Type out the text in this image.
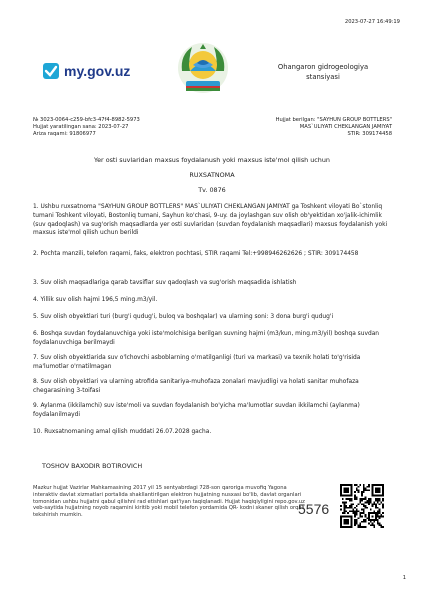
2023-07-27 16:49:19
my.gov.uz	Ohangaron gidrogeologiya
stansiyasi
№ 3023-0064-c259-bfc3-47f4-8982-5973
Hujjat yaratilingan sana: 2023-07-27
Ariza raqami: 91806977
Hujjat berilgan: "SAYHUN GROUP BOTTLERS"
MAS`ULIYATI CHEKLANGAN JAMIYAT
STIR: 309174458
Yer osti suvlaridan maxsus foydalanush yoki maxsus iste'mol qilish uchun
RUXSATNOMA
Tv. 0876
1. Ushbu ruxsatnoma "SAYHUN GROUP BOTTLERS" MAS`ULIYATI CHEKLANGAN JAMIYAT ga Toshkent viloyati Bo`stonliq tumani Toshkent viloyati, Bostonliq tumani, Sayhun ko'chasi, 9-uy. da joylashgan suv olish ob'yektidan xo'jalik-ichimlik (suv qadoqlash) va sug'orish maqsadlarda yer osti suvlaridan (suvdan foydalanish maqsadlari) maxsus foydalanish yoki maxsus iste'mol qilish uchun berildi
2. Pochta manzili, telefon raqami, faks, elektron pochtasi, STIR raqami Tel:+998946262626 ; STIR: 309174458
3. Suv olish maqsadlariga qarab tavsiflar suv qadoqlash va sug'orish maqsadida ishlatish
4. Yillik suv olish hajmi 196,5 ming.m3/yil.
5. Suv olish obyektlari turi (burg'i qudug'i, buloq va boshqalar) va ularning soni: 3 dona burg'i qudug'i
6. Boshqa suvdan foydalanuvchiga yoki iste'molchisiga berilgan suvning hajmi (m3/kun, ming.m3/yil) boshqa suvdan foydalanuvchiga berilmaydi
7. Suv olish obyektlarida suv o'lchovchi asboblarning o'rnatilganligi (turi va markasi) va texnik holati to'g'risida ma'lumotlar o'rnatilmagan
8. Suv olish obyektlari va ularning atrofida sanitariya-muhofaza zonalari mavjudligi va holati sanitar muhofaza chegarasining 3-toifasi
9. Aylanma (ikkilamchi) suv iste'moli va suvdan foydalanish bo'yicha ma'lumotlar suvdan ikkilamchi (aylanma) foydalanilmaydi
10. Ruxsatnomaning amal qilish muddati 26.07.2028 gacha.
TOSHOV BAXODIR BOTIROVICH
Mazkur hujjat Vazirlar Mahkamasining 2017 yil 15 sentyabrdagi 728-son qaroriga muvofiq Yagona interaktiv davlat xizmatlari portalida shakllantirilgan elektron hujjatning nusxasi bo'lib, davlat organlari tomonidan ushbu hujjatni qabul qilishni rad etishlari qat'iyan taqiqlanadi. Hujjat haqiqiyligini repo.gov.uz veb-saytida hujjatning noyob raqamini kiritib yoki mobil telefon yordamida QR- kodni skaner qilish orqali tekshirish mumkin.	5576
1
